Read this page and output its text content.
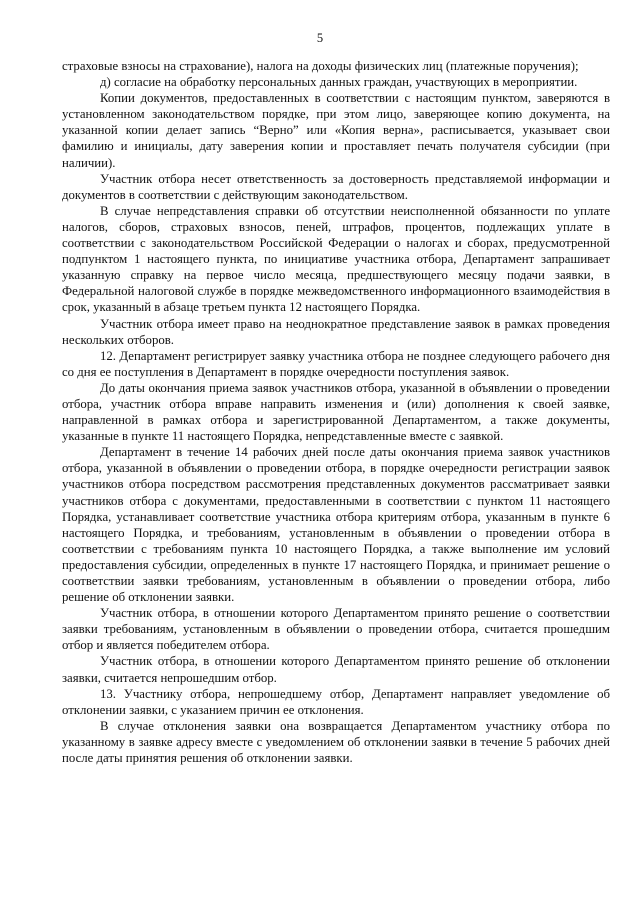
5

страховые взносы на страхование), налога на доходы физических лиц (платежные поручения);

д) согласие на обработку персональных данных граждан, участвующих в мероприятии.

Копии документов, предоставленных в соответствии с настоящим пунктом, заверяются в установленном законодательством порядке, при этом лицо, заверяющее копию документа, на указанной копии делает запись “Верно” или «Копия верна», расписывается, указывает свои фамилию и инициалы, дату заверения копии и проставляет печать получателя субсидии (при наличии).

Участник отбора несет ответственность за достоверность представляемой информации и документов в соответствии с действующим законодательством.

В случае непредставления справки об отсутствии неисполненной обязанности по уплате налогов, сборов, страховых взносов, пеней, штрафов, процентов, подлежащих уплате в соответствии с законодательством Российской Федерации о налогах и сборах, предусмотренной подпунктом 1 настоящего пункта, по инициативе участника отбора, Департамент запрашивает указанную справку на первое число месяца, предшествующего месяцу подачи заявки, в Федеральной налоговой службе в порядке межведомственного информационного взаимодействия в срок, указанный в абзаце третьем пункта 12 настоящего Порядка.

Участник отбора имеет право на неоднократное представление заявок в рамках проведения нескольких отборов.

12. Департамент регистрирует заявку участника отбора не позднее следующего рабочего дня со дня ее поступления в Департамент в порядке очередности поступления заявок.

До даты окончания приема заявок участников отбора, указанной в объявлении о проведении отбора, участник отбора вправе направить изменения и (или) дополнения к своей заявке, направленной в рамках отбора и зарегистрированной Департаментом, а также документы, указанные в пункте 11 настоящего Порядка, непредставленные вместе с заявкой.

Департамент в течение 14 рабочих дней после даты окончания приема заявок участников отбора, указанной в объявлении о проведении отбора, в порядке очередности регистрации заявок участников отбора посредством рассмотрения представленных документов рассматривает заявки участников отбора с документами, предоставленными в соответствии с пунктом 11 настоящего Порядка, устанавливает соответствие участника отбора критериям отбора, указанным в пункте 6 настоящего Порядка, и требованиям, установленным в объявлении о проведении отбора в соответствии с требованиям пункта 10 настоящего Порядка, а также выполнение им условий предоставления субсидии, определенных в пункте 17 настоящего Порядка, и принимает решение о соответствии заявки требованиям, установленным в объявлении о проведении отбора, либо решение об отклонении заявки.

Участник отбора, в отношении которого Департаментом принято решение о соответствии заявки требованиям, установленным в объявлении о проведении отбора, считается прошедшим отбор и является победителем отбора.

Участник отбора, в отношении которого Департаментом принято решение об отклонении заявки, считается непрошедшим отбор.

13. Участнику отбора, непрошедшему отбор, Департамент направляет уведомление об отклонении заявки, с указанием причин ее отклонения.

В случае отклонения заявки она возвращается Департаментом участнику отбора по указанному в заявке адресу вместе с уведомлением об отклонении заявки в течение 5 рабочих дней после даты принятия решения об отклонении заявки.
